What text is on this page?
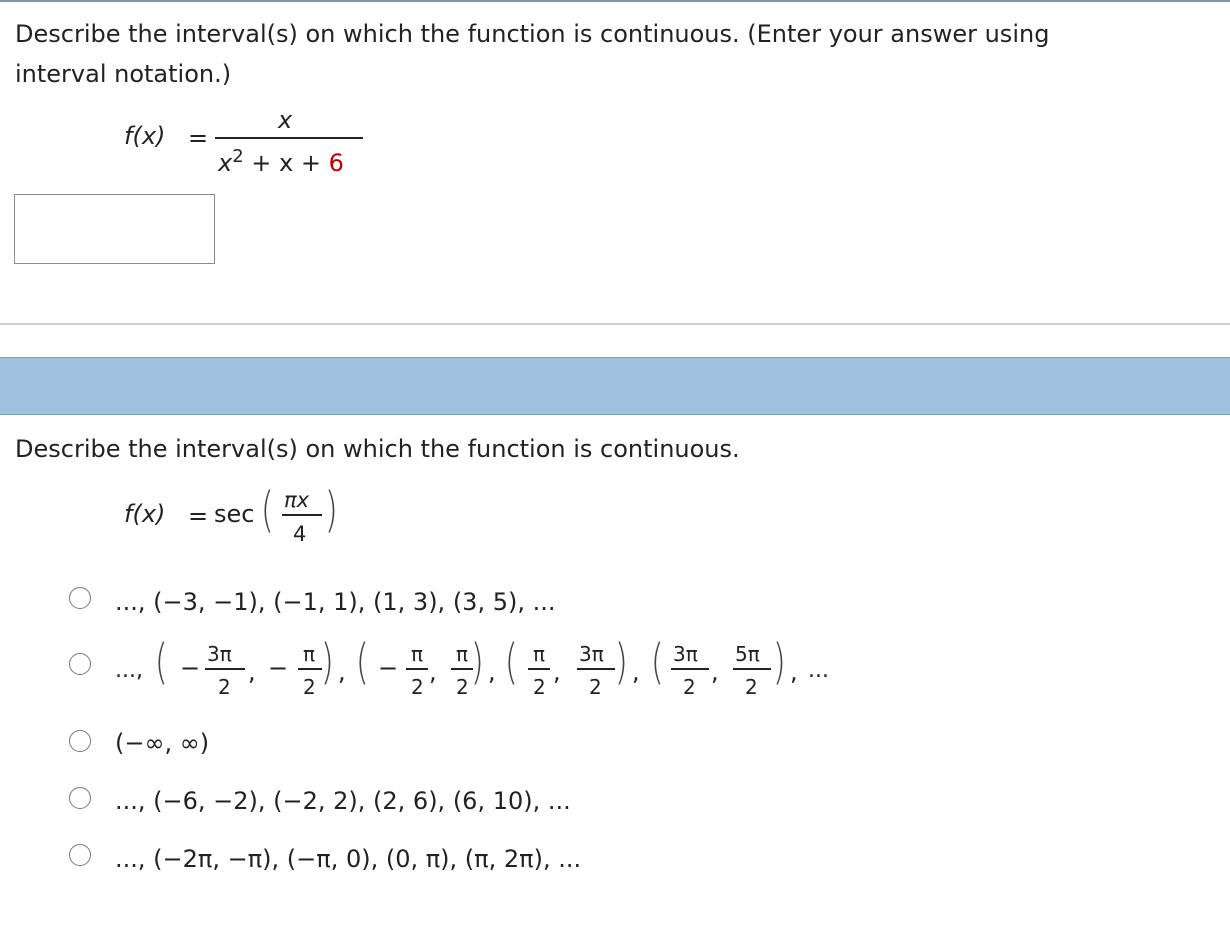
Describe the interval(s) on which the function is continuous. (Enter your answer using
interval notation.)
f(x) =
x
$x^2 + x + 6$
Describe the interval(s) on which the function is continuous.
f(x) = sec ( πx
4 )
..., (−3, −1), (−1, 1), (1, 3), (3, 5), ...
..., ( − 3π
2
, − π
2 ) , ( − π
2
,
π
2 ) , ( π
2
,
3π
2 ) , ( 3π
2
,
5π
2 ) , ...
(−∞, ∞)
..., (−6, −2), (−2, 2), (2, 6), (6, 10), ...
..., (−2π, −π), (−π, 0), (0, π), (π, 2π), ...
